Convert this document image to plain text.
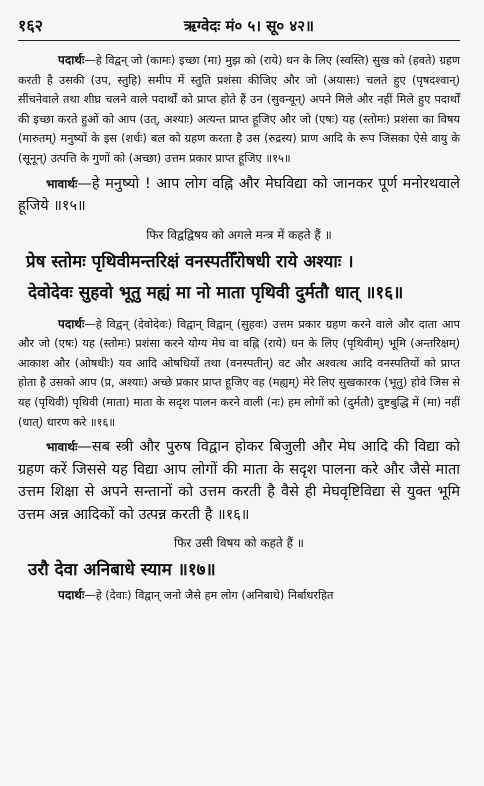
१६२	ऋग्वेदः मं० ५। सू० ४२॥

पदार्थः—हे विद्वन् जो (कामः) इच्छा (मा) मुझ को (राये) धन के लिए (स्वस्ति) सुख को (हवते) ग्रहण करती है उसकी (उप, स्तुहि) समीप में स्तुति प्रशंसा कीजिए और जो (अयासः) चलते हुए (पृषदश्वान्) सींचनेवाले तथा शीघ्र चलने वाले पदार्थों को प्राप्त होते हैं उन (सुवन्यून्) अपने मिले और नहीं मिले हुए पदार्थों की इच्छा करते हुओं को आप (उत्, अश्याः) अत्यन्त प्राप्त हूजिए और जो (एषः) यह (स्तोमः) प्रशंसा का विषय (मारुतम्) मनुष्यों के इस (शर्धः) बल को ग्रहण करता है उस (रुद्रस्य) प्राण आदि के रूप जिसका ऐसे वायु के (सूनून्) उत्पत्ति के गुणों को (अच्छा) उत्तम प्रकार प्राप्त हूजिए ॥१५॥

भावार्थः—हे मनुष्यो ! आप लोग वह्नि और मेघविद्या को जानकर पूर्ण मनोरथवाले हूजिये ॥१५॥

फिर विद्वद्विषय को अगले मन्त्र में कहते हैं ॥

प्रेष स्तोमः पृथिवीमन्तरिक्षं वनस्पतीँरोषधी राये अश्याः ।

देवोदेवः सुहवो भूतु मह्यं मा नो माता पृथिवी दुर्मतौ धात् ॥१६॥

पदार्थः—हे विद्वन् (देवोदेवः) विद्वान् विद्वान् (सुहवः) उत्तम प्रकार ग्रहण करने वाले और दाता आप और जो (एषः) यह (स्तोमः) प्रशंसा करने योग्य मेघ वा वह्नि (राये) धन के लिए (पृथिवीम्) भूमि (अन्तरिक्षम्) आकाश और (ओषधीः) यव आदि ओषधियों तथा (वनस्पतीन्) वट और अश्वत्थ आदि वनस्पतियों को प्राप्त होता है उसको आप (प्र, अश्याः) अच्छे प्रकार प्राप्त हूजिए वह (मह्यम्) मेरे लिए सुखकारक (भूतु) होवे जिस से यह (पृथिवी) पृथिवी (माता) माता के सदृश पालन करने वाली (नः) हम लोगों को (दुर्मतौ) दुष्टबुद्धि में (मा) नहीं (धात्) धारण करे ॥१६॥

भावार्थः—सब स्त्री और पुरुष विद्वान होकर बिजुली और मेघ आदि की विद्या को ग्रहण करें जिससे यह विद्या आप लोगों की माता के सदृश पालना करे और जैसे माता उत्तम शिक्षा से अपने सन्तानों को उत्तम करती है वैसे ही मेघवृष्टिविद्या से युक्त भूमि उत्तम अन्न आदिकों को उत्पन्न करती है ॥१६॥

फिर उसी विषय को कहते हैं ॥

उरौ देवा अनिबाधे स्याम ॥१७॥

पदार्थः—हे (देवाः) विद्वान् जनो जैसे हम लोग (अनिबाधे) निर्बाधरहित
